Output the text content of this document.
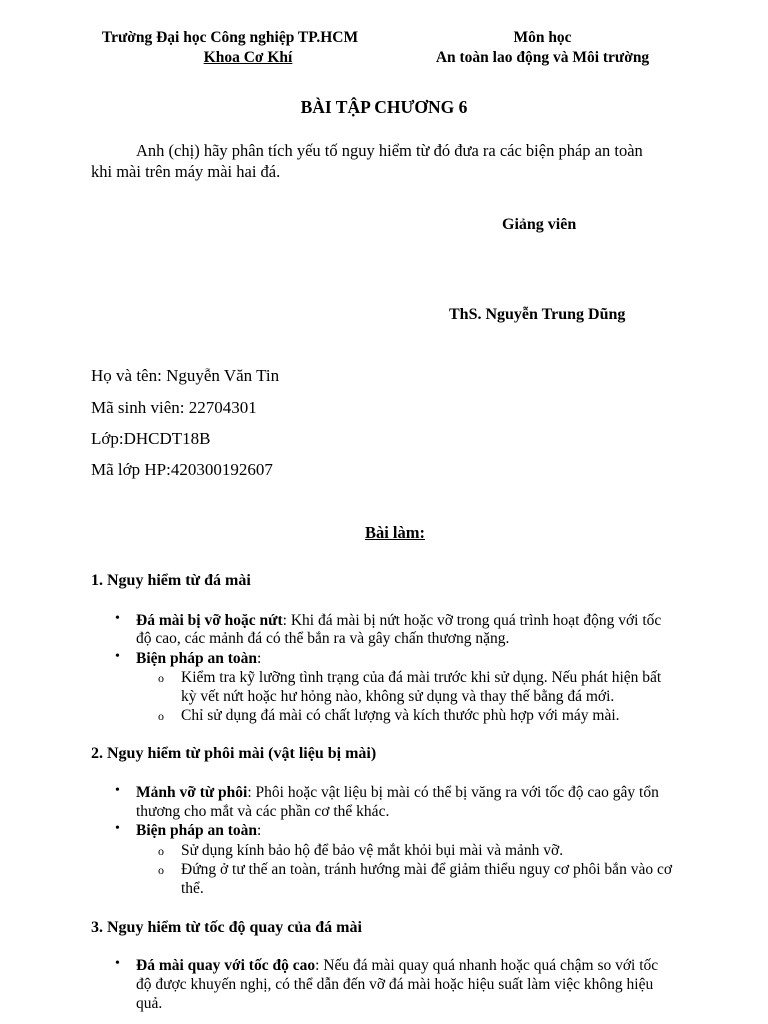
Trường Đại học Công nghiệp TP.HCM
Khoa Cơ Khí
Môn học
An toàn lao động và Môi trường
BÀI TẬP CHƯƠNG 6
Anh (chị) hãy phân tích yếu tố nguy hiểm từ đó đưa ra các biện pháp an toàn
khi mài trên máy mài hai đá.
Giảng viên
ThS. Nguyễn Trung Dũng
Họ và tên: Nguyễn Văn Tin
Mã sinh viên: 22704301
Lớp:DHCDT18B
Mã lớp HP:420300192607
Bài làm:
1. Nguy hiểm từ đá mài
• Đá mài bị vỡ hoặc nứt: Khi đá mài bị nứt hoặc vỡ trong quá trình hoạt động với tốc
độ cao, các mảnh đá có thể bắn ra và gây chấn thương nặng.
• Biện pháp an toàn:
o Kiểm tra kỹ lưỡng tình trạng của đá mài trước khi sử dụng. Nếu phát hiện bất
kỳ vết nứt hoặc hư hỏng nào, không sử dụng và thay thế bằng đá mới.
o Chỉ sử dụng đá mài có chất lượng và kích thước phù hợp với máy mài.
2. Nguy hiểm từ phôi mài (vật liệu bị mài)
• Mảnh vỡ từ phôi: Phôi hoặc vật liệu bị mài có thể bị văng ra với tốc độ cao gây tổn
thương cho mắt và các phần cơ thể khác.
• Biện pháp an toàn:
o Sử dụng kính bảo hộ để bảo vệ mắt khỏi bụi mài và mảnh vỡ.
o Đứng ở tư thế an toàn, tránh hướng mài để giảm thiểu nguy cơ phôi bắn vào cơ
thể.
3. Nguy hiểm từ tốc độ quay của đá mài
• Đá mài quay với tốc độ cao: Nếu đá mài quay quá nhanh hoặc quá chậm so với tốc
độ được khuyến nghị, có thể dẫn đến vỡ đá mài hoặc hiệu suất làm việc không hiệu
quả.
